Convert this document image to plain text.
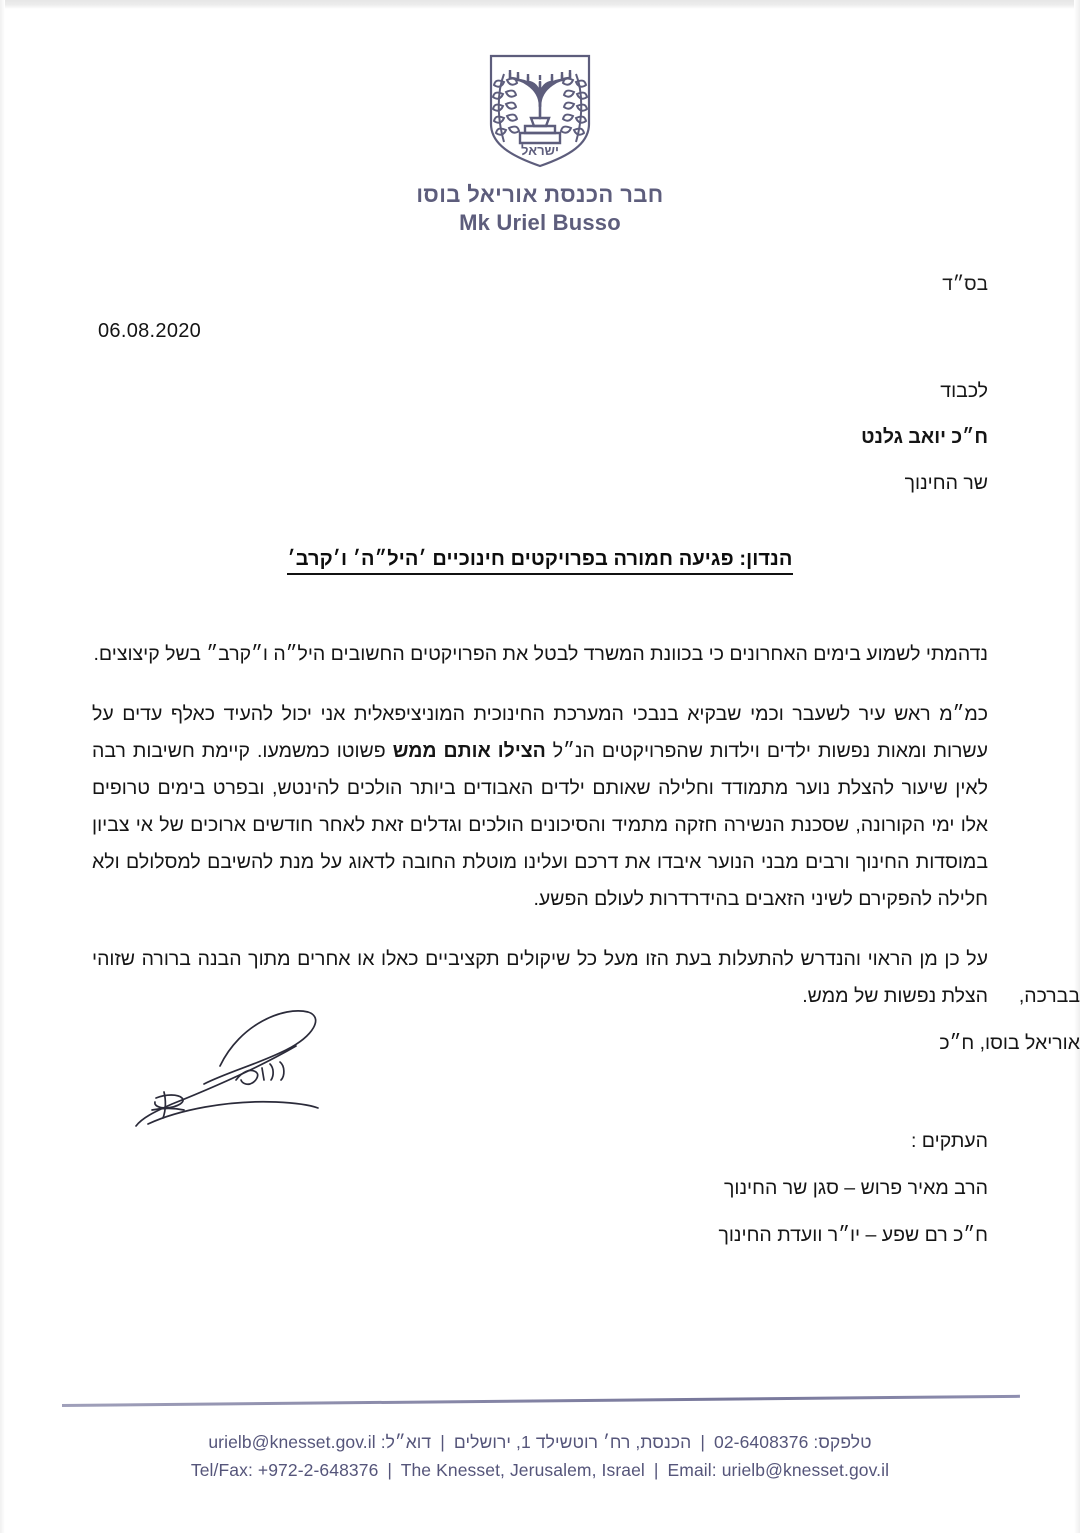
ישראל
חבר הכנסת אוריאל בוסו
Mk Uriel Busso
בס״ד
06.08.2020
לכבוד
ח״כ יואב גלנט
שר החינוך
הנדון: פגיעה חמורה בפרויקטים חינוכיים ׳היל״ה׳ ו׳קרב׳

נדהמתי לשמוע בימים האחרונים כי בכוונת המשרד לבטל את הפרויקטים החשובים היל״ה ו״קרב״ בשל קיצוצים.

כמ״מ ראש עיר לשעבר וכמי שבקיא בנבכי המערכת החינוכית המוניציפאלית אני יכול להעיד כאלף עדים על עשרות ומאות נפשות ילדים וילדות שהפרויקטים הנ״ל הצילו אותם ממש פשוטו כמשמעו. קיימת חשיבות רבה לאין שיעור להצלת נוער מתמודד וחלילה שאותם ילדים האבודים ביותר הולכים להינטש, ובפרט בימים טרופים אלו ימי הקורונה, שסכנת הנשירה חזקה מתמיד והסיכונים הולכים וגדלים זאת לאחר חודשים ארוכים של אי צביון במוסדות החינוך ורבים מבני הנוער איבדו את דרכם ועלינו מוטלת החובה לדאוג על מנת להשיבם למסלולם ולא חלילה להפקירם לשיני הזאבים בהידרדרות לעולם הפשע.

על כן מן הראוי והנדרש להתעלות בעת הזו מעל כל שיקולים תקציביים כאלו או אחרים מתוך הבנה ברורה שזוהי הצלת נפשות של ממש.	בברכה,
אוריאל בוסו, ח״כ
העתקים :
הרב מאיר פרוש – סגן שר החינוך
ח״כ רם שפע – יו״ר וועדת החינוך
טלפקס: 02-6408376 | הכנסת, רח׳ רוטשילד 1, ירושלים | דוא״ל: urielb@knesset.gov.il
Tel/Fax: +972-2-648376 | The Knesset, Jerusalem, Israel | Email: urielb@knesset.gov.il
